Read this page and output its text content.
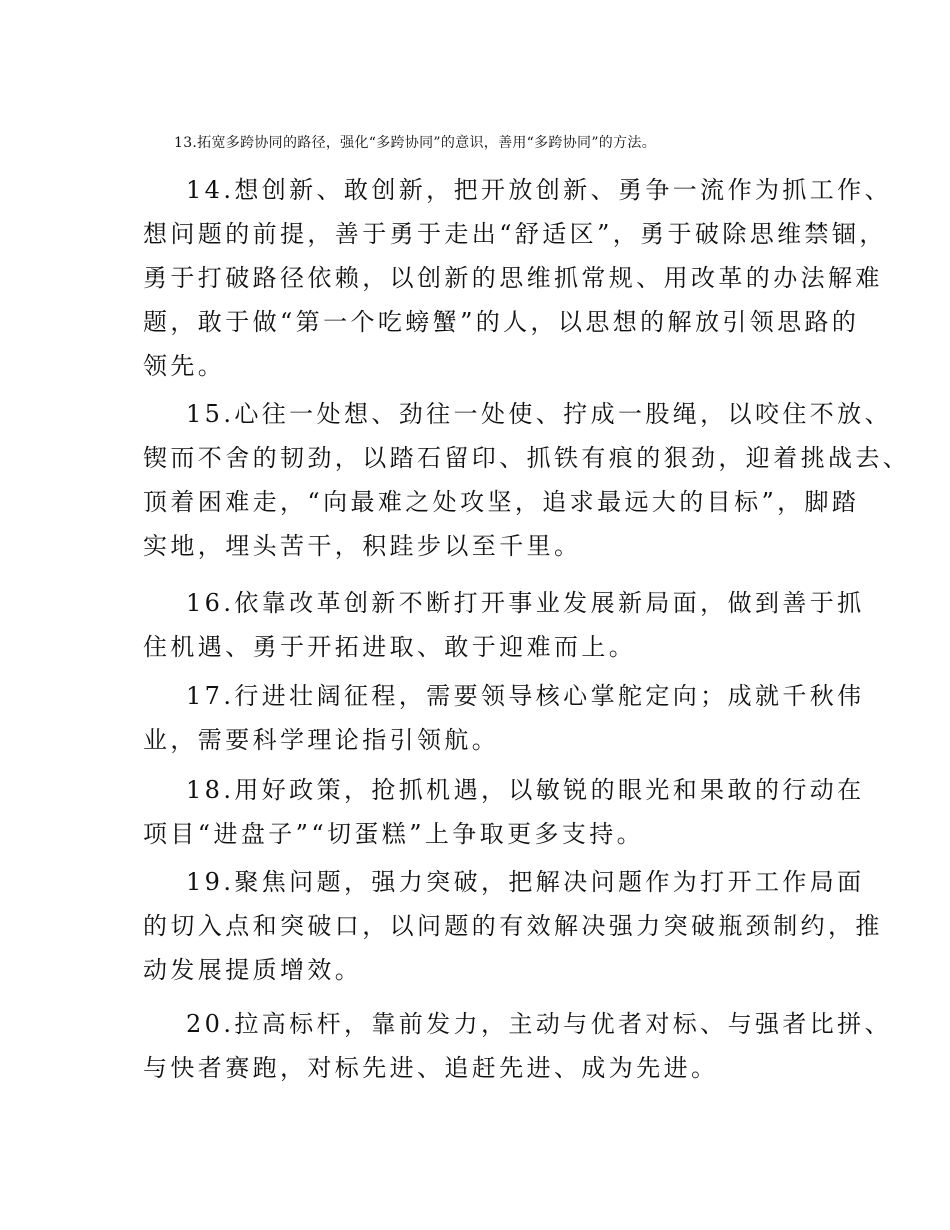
13.拓宽多跨协同的路径，强化“多跨协同”的意识，善用“多跨协同”的方法。
14.想创新、敢创新，把开放创新、勇争一流作为抓工作、
想问题的前提，善于勇于走出“舒适区”，勇于破除思维禁锢，
勇于打破路径依赖，以创新的思维抓常规、用改革的办法解难
题，敢于做“第一个吃螃蟹”的人，以思想的解放引领思路的
领先。
15.心往一处想、劲往一处使、拧成一股绳，以咬住不放、
锲而不舍的韧劲，以踏石留印、抓铁有痕的狠劲，迎着挑战去、
顶着困难走，“向最难之处攻坚，追求最远大的目标”，脚踏
实地，埋头苦干，积跬步以至千里。
16.依靠改革创新不断打开事业发展新局面，做到善于抓
住机遇、勇于开拓进取、敢于迎难而上。
17.行进壮阔征程，需要领导核心掌舵定向；成就千秋伟
业，需要科学理论指引领航。
18.用好政策，抢抓机遇，以敏锐的眼光和果敢的行动在
项目“进盘子”“切蛋糕”上争取更多支持。
19.聚焦问题，强力突破，把解决问题作为打开工作局面
的切入点和突破口，以问题的有效解决强力突破瓶颈制约，推
动发展提质增效。
20.拉高标杆，靠前发力，主动与优者对标、与强者比拼、
与快者赛跑，对标先进、追赶先进、成为先进。
